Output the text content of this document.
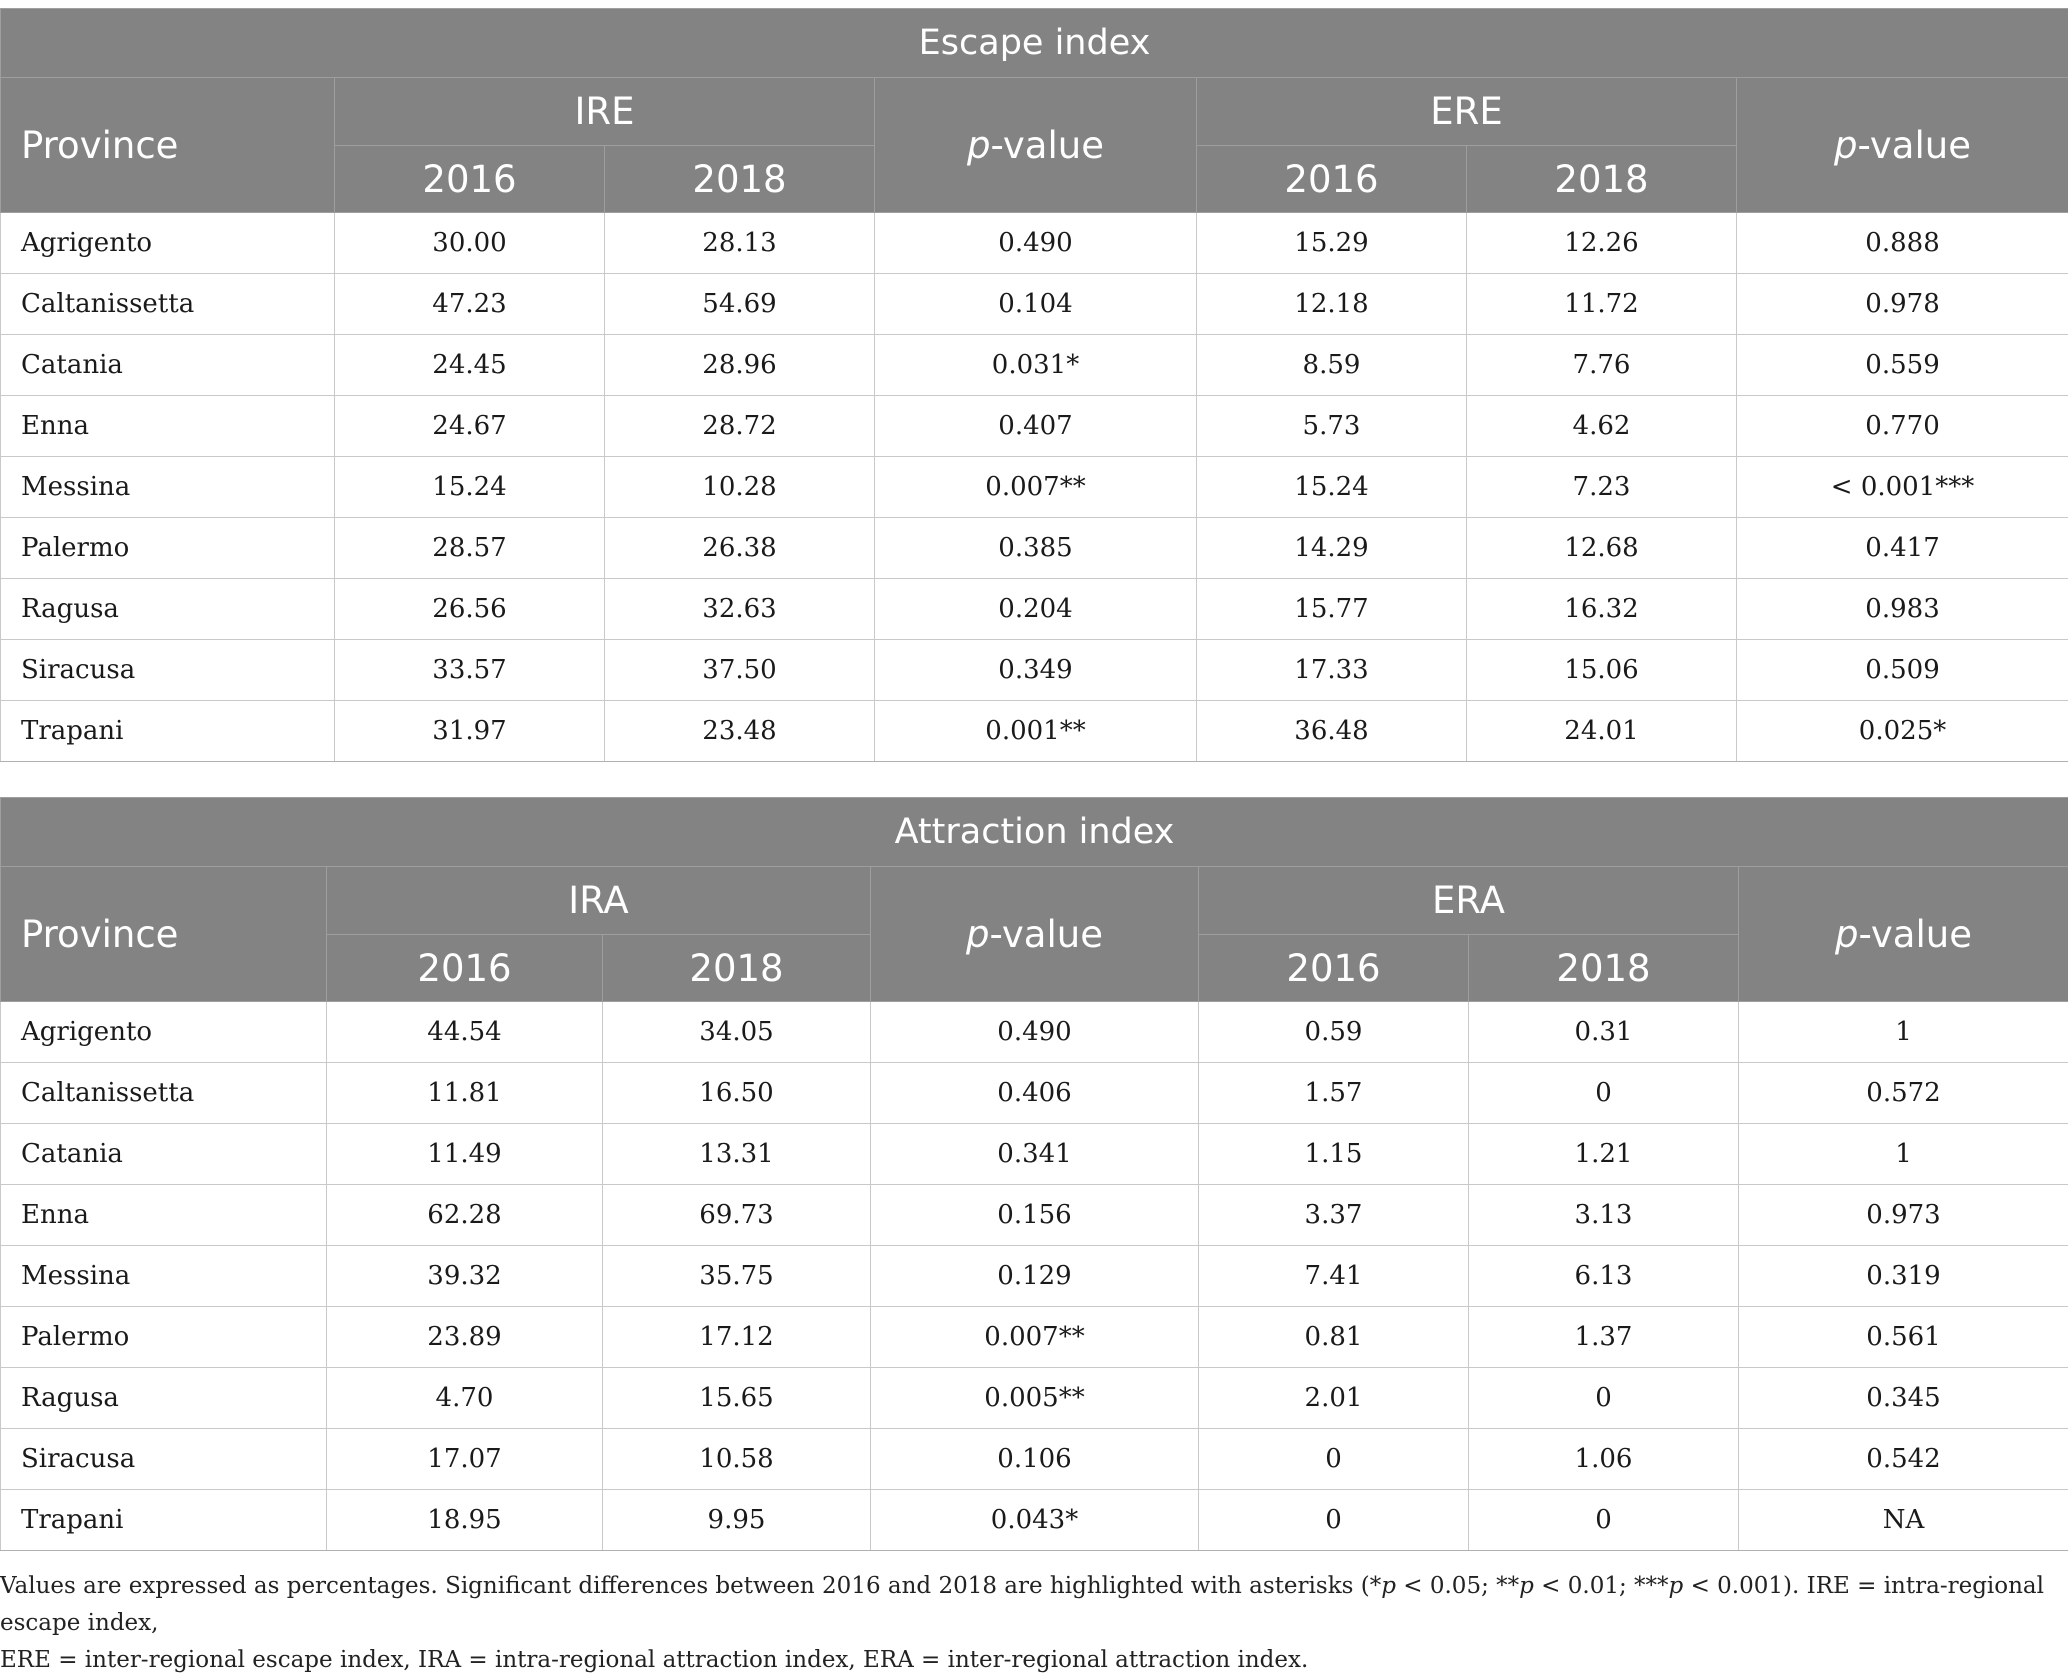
Escape index						
Province	IRE		p-value	ERE		p-value
	2016	2018		2016	2018	
Agrigento	30.00	28.13	0.490	15.29	12.26	0.888
Caltanissetta	47.23	54.69	0.104	12.18	11.72	0.978
Catania	24.45	28.96	0.031*	8.59	7.76	0.559
Enna	24.67	28.72	0.407	5.73	4.62	0.770
Messina	15.24	10.28	0.007**	15.24	7.23	< 0.001***
Palermo	28.57	26.38	0.385	14.29	12.68	0.417
Ragusa	26.56	32.63	0.204	15.77	16.32	0.983
Siracusa	33.57	37.50	0.349	17.33	15.06	0.509
Trapani	31.97	23.48	0.001**	36.48	24.01	0.025*
Attraction index						
Province	IRA		p-value	ERA		p-value
	2016	2018		2016	2018	
Agrigento	44.54	34.05	0.490	0.59	0.31	1
Caltanissetta	11.81	16.50	0.406	1.57	0	0.572
Catania	11.49	13.31	0.341	1.15	1.21	1
Enna	62.28	69.73	0.156	3.37	3.13	0.973
Messina	39.32	35.75	0.129	7.41	6.13	0.319
Palermo	23.89	17.12	0.007**	0.81	1.37	0.561
Ragusa	4.70	15.65	0.005**	2.01	0	0.345
Siracusa	17.07	10.58	0.106	0	1.06	0.542
Trapani	18.95	9.95	0.043*	0	0	NA
Values are expressed as percentages. Significant differences between 2016 and 2018 are highlighted with asterisks (*p < 0.05; **p < 0.01; ***p < 0.001). IRE = intra-regional escape index,
ERE = inter-regional escape index, IRA = intra-regional attraction index, ERA = inter-regional attraction index.
